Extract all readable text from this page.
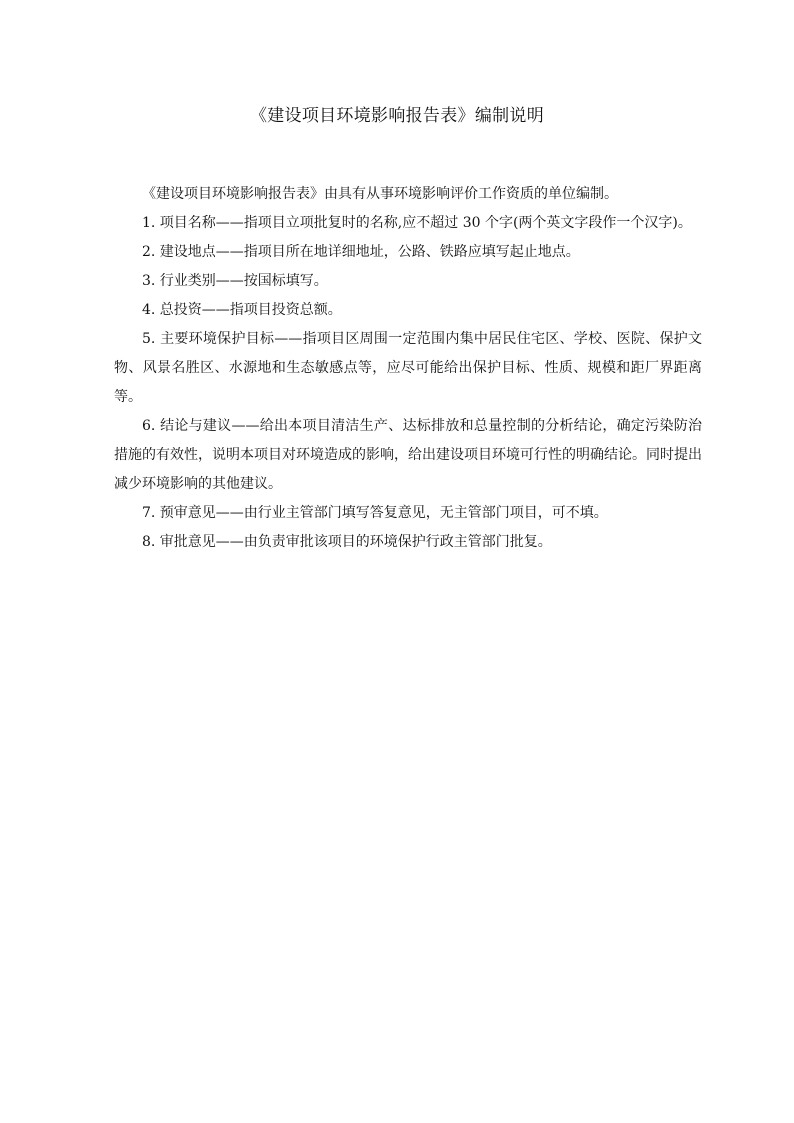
《建设项目环境影响报告表》编制说明

《建设项目环境影响报告表》由具有从事环境影响评价工作资质的单位编制。

1. 项目名称——指项目立项批复时的名称,应不超过 30 个字(两个英文字段作一个汉字)。

2. 建设地点——指项目所在地详细地址，公路、铁路应填写起止地点。

3. 行业类别——按国标填写。

4. 总投资——指项目投资总额。

5. 主要环境保护目标——指项目区周围一定范围内集中居民住宅区、学校、医院、保护文物、风景名胜区、水源地和生态敏感点等，应尽可能给出保护目标、性质、规模和距厂界距离等。

6. 结论与建议——给出本项目清洁生产、达标排放和总量控制的分析结论，确定污染防治措施的有效性，说明本项目对环境造成的影响，给出建设项目环境可行性的明确结论。同时提出减少环境影响的其他建议。

7. 预审意见——由行业主管部门填写答复意见，无主管部门项目，可不填。

8. 审批意见——由负责审批该项目的环境保护行政主管部门批复。
